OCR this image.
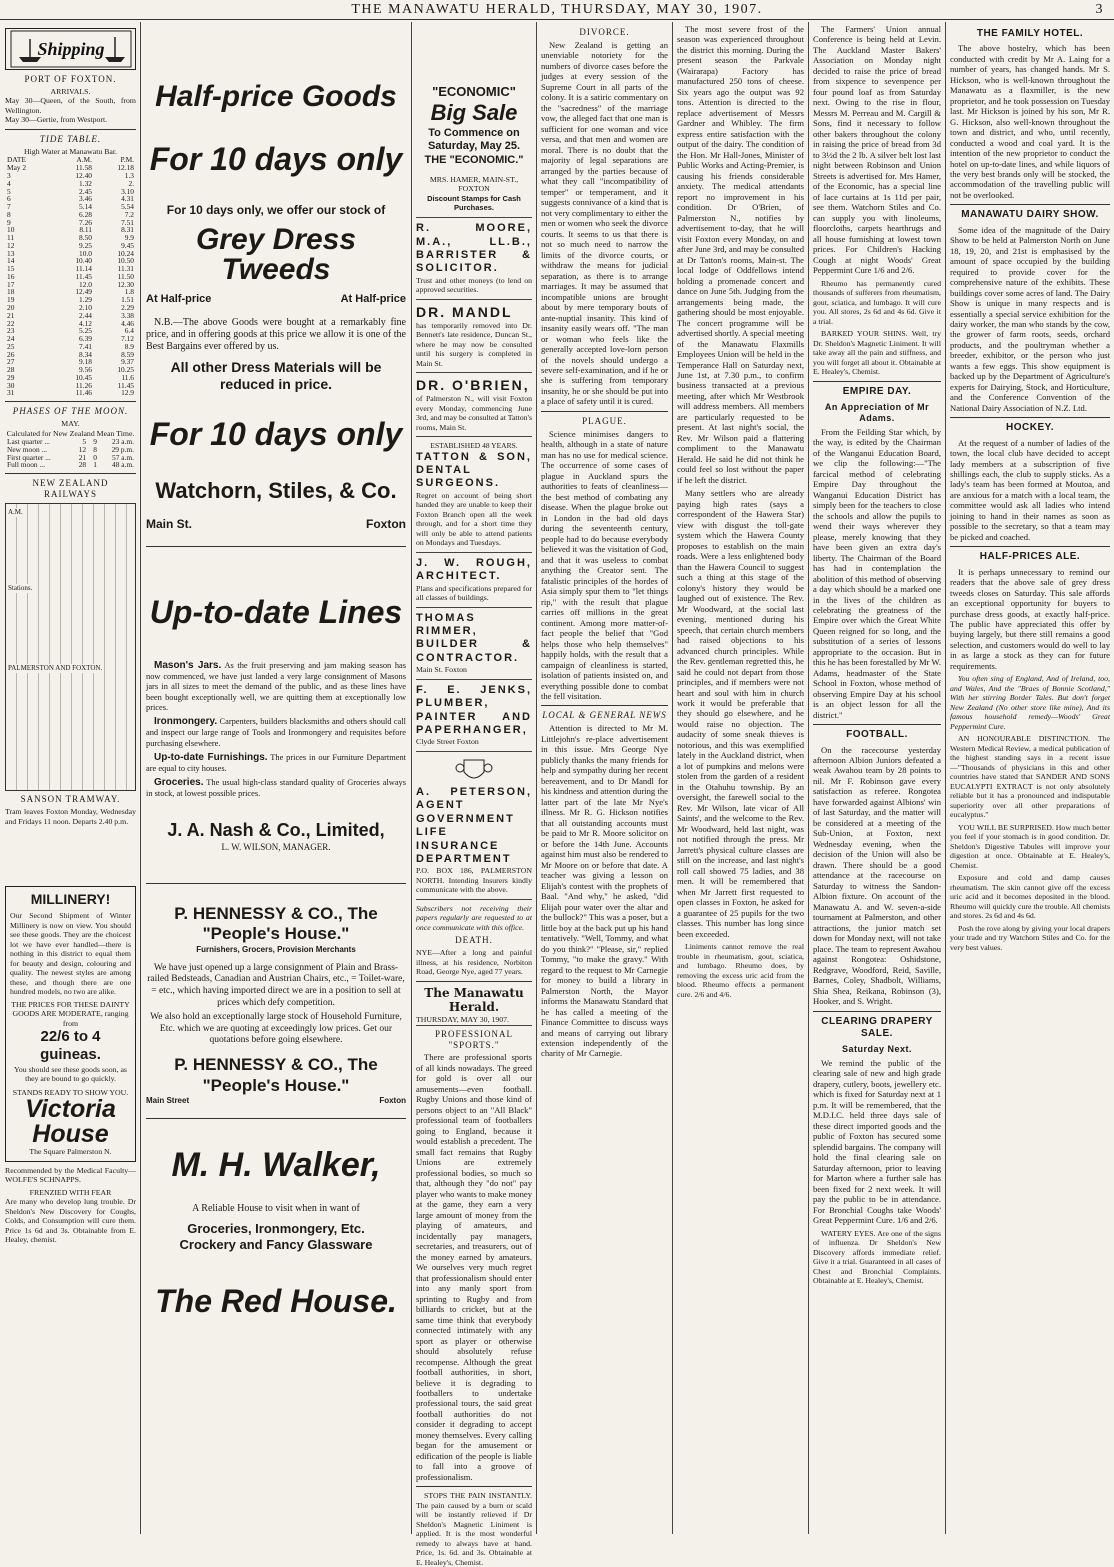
THE MANAWATU HERALD, THURSDAY, MAY 30, 1907.	3
Shipping
PORT OF FOXTON.
ARRIVALS.
May 30—Queen, of the South, from Wellington.
May 30—Gertie, from Westport.
TIDE TABLE.
High Water at Manawatu Bar.
DATE	A.M.	P.M.
May 2	11.58	12.18
3	12.40	1.3
4	1.32	2.
5	2.45	3.10
6	3.46	4.31
7	5.14	5.54
8	6.28	7.2
9	7.26	7.51
10	8.11	8.31
11	8.50	9.9
12	9.25	9.45
13	10.0	10.24
14	10.40	10.50
15	11.14	11.31
16	11.45	11.50
17	12.0	12.30
18	12.49	1.8
19	1.29	1.51
20	2.10	2.29
21	2.44	3.38
22	4.12	4.46
23	5.25	6.4
24	6.39	7.12
25	7.41	8.9
26	8.34	8.59
27	9.18	9.37
28	9.56	10.25
29	10.45	11.6
30	11.26	11.45
31	11.46	12.9
PHASES OF THE MOON.
MAY.
Calculated for New Zealand Mean Time.
Last quarter ...	5	9	23 a.m.
New moon ...	12	8	29 p.m.
First quarter ...	21	0	57 a.m.
Full moon ...	28	1	48 a.m.
NEW ZEALAND RAILWAYS
A.M.
Stations.
PALMERSTON AND FOXTON.
SANSON TRAMWAY.
Tram leaves Foxton Monday, Wednesday and Fridays 11 noon. Departs 2.40 p.m.
MILLINERY!
Our Second Shipment of Winter Millinery is now on view. You should see these goods. They are the choicest lot we have ever handled—there is nothing in this district to equal them for beauty and design, colouring and quality. The newest styles are among these, and though there are one hundred models, no two are alike.
THE PRICES FOR THESE DAINTY GOODS ARE MODERATE, ranging from
22/6 to 4 guineas.
You should see these goods soon, as they are bound to go quickly.
STANDS READY TO SHOW YOU.
Victoria House
The Square Palmerston N.
Recommended by the Medical Faculty—WOLFE'S SCHNAPPS.
FRENZIED WITH FEAR
Are many who develop lung trouble. Dr Sheldon's New Discovery for Coughs, Colds, and Consumption will cure them. Price 1s 6d and 3s. Obtainable from E. Healey, chemist.
Half-price Goods
For 10 days only
For 10 days only, we offer our stock of
Grey Dress Tweeds
At Half-price	At Half-price

N.B.—The above Goods were bought at a remarkably fine price, and in offering goods at this price we allow it is one of the Best Bargains ever offered by us.

All other Dress Materials will be reduced in price.
For 10 days only
Watchorn, Stiles, & Co.
Main St.	Foxton
Up-to-date Lines

Mason's Jars. As the fruit preserving and jam making season has now commenced, we have just landed a very large consignment of Masons jars in all sizes to meet the demand of the public, and as these lines have been bought exceptionally well, we are quitting them at exceptionally low prices.

Ironmongery. Carpenters, builders blacksmiths and others should call and inspect our large range of Tools and Ironmongery and requisites before purchasing elsewhere.

Up-to-date Furnishings. The prices in our Furniture Department are equal to city houses.

Groceries. The usual high-class standard quality of Groceries always in stock, at lowest possible prices.

J. A. Nash & Co., Limited,
L. W. WILSON, MANAGER.
P. HENNESSY & CO., The "People's House."
Furnishers, Grocers, Provision Merchants

We have just opened up a large consignment of Plain and Brass-railed Bedsteads, Canadian and Austrian Chairs, etc., = Toilet-ware, = etc., which having imported direct we are in a position to sell at prices which defy competition.

We also hold an exceptionally large stock of Household Furniture, Etc. which we are quoting at exceedingly low prices. Get our quotations before going elsewhere.

P. HENNESSY & CO., The "People's House."
Main Street	Foxton
M. H. Walker,
A Reliable House to visit when in want of
Groceries, Ironmongery, Etc.
Crockery and Fancy Glassware
The Red House.
"ECONOMIC"
Big Sale
To Commence on Saturday, May 25. THE "ECONOMIC."
MRS. HAMER, MAIN-ST., FOXTON
Discount Stamps for Cash Purchases.
R. MOORE, M.A., LL.B., BARRISTER & SOLICITOR.
Trust and other moneys (to lend on approved securities.
DR. MANDL
has temporarily removed into Dr. Bennett's late residence, Duncan St., where he may now be consulted until his surgery is completed in Main St.
DR. O'BRIEN,
of Palmerston N., will visit Foxton every Monday, commencing June 3rd, and may be consulted at Tatton's rooms, Main St.
ESTABLISHED 48 YEARS.
TATTON & SON, DENTAL SURGEONS.
Regret on account of being short handed they are unable to keep their Foxton Branch open all the week through, and for a short time they will only be able to attend patients on Mondays and Tuesdays.
J. W. ROUGH, ARCHITECT.
Plans and specifications prepared for all classes of buildings.
THOMAS RIMMER, BUILDER & CONTRACTOR.
Main St. Foxton
F. E. JENKS, PLUMBER, PAINTER AND PAPERHANGER,
Clyde Street Foxton
A. PETERSON, AGENT GOVERNMENT LIFE INSURANCE DEPARTMENT
P.O. BOX 186, PALMERSTON NORTH. Intending Insurers kindly communicate with the above.
Subscribers not receiving their papers regularly are requested to at once communicate with this office.
DEATH.
NYE—After a long and painful illness, at his residence, Norbiton Road, George Nye, aged 77 years.
The Manawatu Herald.
THURSDAY, MAY 30, 1907.
PROFESSIONAL "SPORTS."

There are professional sports of all kinds nowadays. The greed for gold is over all our amusements—even football. Rugby Unions and those kind of persons object to an "All Black" professional team of footballers going to England, because it would establish a precedent. The small fact remains that Rugby Unions are extremely professional bodies, so much so that, although they "do not" pay player who wants to make money at the game, they earn a very large amount of money from the playing of amateurs, and incidentally pay managers, secretaries, and treasurers, out of the money earned by amateurs. We ourselves very much regret that professionalism should enter into any manly sport from sprinting to Rugby and from billiards to cricket, but at the same time think that everybody connected intimately with any sport as player or otherwise should absolutely refuse recompense. Although the great football authorities, in short, believe it is degrading to footballers to undertake professional tours, the said great football authorities do not consider it degrading to accept money themselves. Every calling began for the amusement or edification of the people is liable to fall into a groove of professionalism.

STOPS THE PAIN INSTANTLY. The pain caused by a burn or scald will be instantly relieved if Dr Sheldon's Magnetic Liniment is applied. It is the most wonderful remedy to always have at hand. Price, 1s. 6d. and 3s. Obtainable at E. Healey's, Chemist.

DIVORCE.

New Zealand is getting an unenviable notoriety for the numbers of divorce cases before the judges at every session of the Supreme Court in all parts of the colony. It is a satiric commentary on the "sacredness" of the marriage vow, the alleged fact that one man is sufficient for one woman and vice versa, and that men and women are moral. There is no doubt that the majority of legal separations are arranged by the parties because of what they call "incompatibility of temper" or temperament, and it suggests connivance of a kind that is not very complimentary to either the men or women who seek the divorce courts. It seems to us that there is not so much need to narrow the limits of the divorce courts, or withdraw the means for judicial separation, as there is to arrange marriages. It may be assumed that incompatible unions are brought about by mere temporary bouts of ante-nuptial insanity. This kind of insanity easily wears off. "The man or woman who feels like the generally accepted love-lorn person of the novels should undergo a severe self-examination, and if he or she is suffering from temporary insanity, he or she should be put into a place of safety until it is cured.

PLAGUE.

Science minimises dangers to health, although in a state of nature man has no use for medical science. The occurrence of some cases of plague in Auckland spurs the authorities to feats of cleanliness—the best method of combating any disease. When the plague broke out in London in the bad old days during the seventeenth century, people had to do because everybody believed it was the visitation of God, and that it was useless to combat anything the Creator sent. The fatalistic principles of the hordes of Asia simply spur them to "let things rip," with the result that plague carries off millions in the great continent. Among more matter-of-fact people the belief that "God helps those who help themselves" happily holds, with the result that a campaign of cleanliness is started, isolation of patients insisted on, and everything possible done to combat the fell visitation.

LOCAL & GENERAL NEWS

Attention is directed to Mr M. Littlejohn's re-place advertisement in this issue. Mrs George Nye publicly thanks the many friends for help and sympathy during her recent bereavement, and to Dr Mandl for his kindness and attention during the latter part of the late Mr Nye's illness. Mr R. G. Hickson notifies that all outstanding accounts must be paid to Mr R. Moore solicitor on or before the 14th June. Accounts against him must also be rendered to Mr Moore on or before that date. A teacher was giving a lesson on Elijah's contest with the prophets of Baal. "And why," he asked, "did Elijah pour water over the altar and the bullock?" This was a poser, but a little boy at the back put up his hand tentatively. "Well, Tommy, and what do you think?" "Please, sir," replied Tommy, "to make the gravy." With regard to the request to Mr Carnegie for money to build a library in Palmerston North, the Mayor informs the Manawatu Standard that he has called a meeting of the Finance Committee to discuss ways and means of carrying out library extension independently of the charity of Mr Carnegie.

The most severe frost of the season was experienced throughout the district this morning. During the present season the Parkvale (Wairarapa) Factory has manufactured 250 tons of cheese. Six years ago the output was 92 tons. Attention is directed to the replace advertisement of Messrs Gardner and Whibley. The firm express entire satisfaction with the output of the dairy. The condition of the Hon. Mr Hall-Jones, Minister of Public Works and Acting-Premier, is causing his friends considerable anxiety. The medical attendants report no improvement in his condition. Dr O'Brien, of Palmerston N., notifies by advertisement to-day, that he will visit Foxton every Monday, on and after June 3rd, and may be consulted at Dr Tatton's rooms, Main-st. The local lodge of Oddfellows intend holding a promenade concert and dance on June 5th. Judging from the arrangements being made, the gathering should be most enjoyable. The concert programme will be advertised shortly. A special meeting of the Manawatu Flaxmills Employees Union will be held in the Temperance Hall on Saturday next, June 1st, at 7.30 p.m., to confirm business transacted at a previous meeting, after which Mr Westbrook will address members. All members are particularly requested to be present. At last night's social, the Rev. Mr Wilson paid a flattering compliment to the Manawatu Herald. He said he did not think he could feel so lost without the paper if he left the district.

Many settlers who are already paying high rates (says a correspondent of the Hawera Star) view with disgust the toll-gate system which the Hawera County proposes to establish on the main roads. Were a less enlightened body than the Hawera Council to suggest such a thing at this stage of the colony's history they would be laughed out of existence. The Rev. Mr Woodward, at the social last evening, mentioned during his speech, that certain church members had raised objections to his advanced church principles. While the Rev. gentleman regretted this, he said he could not depart from those principles, and if members were not heart and soul with him in church work it would be preferable that they should go elsewhere, and he would raise no objection. The audacity of some sneak thieves is notorious, and this was exemplified lately in the Auckland district, when a lot of pumpkins and melons were stolen from the garden of a resident in the Otahuhu township. By an oversight, the farewell social to the Rev. Mr Wilson, late vicar of All Saints', and the welcome to the Rev. Mr Woodward, held last night, was not notified through the press. Mr Jarrett's physical culture classes are still on the increase, and last night's roll call showed 75 ladies, and 38 men. It will be remembered that when Mr Jarrett first requested to open classes in Foxton, he asked for a guarantee of 25 pupils for the two classes. This number has long since been exceeded.

Liniments cannot remove the real trouble in rheumatism, gout, sciatica, and lumbago. Rheumo does, by removing the excess uric acid from the blood. Rheumo effects a permanent cure. 2/6 and 4/6.

The Farmers' Union annual Conference is being held at Levin. The Auckland Master Bakers' Association on Monday night decided to raise the price of bread from sixpence to sevenpence per four pound loaf as from Saturday next. Owing to the rise in flour, Messrs M. Perreau and M. Cargill & Sons, find it necessary to follow other bakers throughout the colony in raising the price of bread from 3d to 3½d the 2 lb. A silver belt lost last night between Robinson and Union Streets is advertised for. Mrs Hamer, of the Economic, has a special line of lace curtains at 1s 11d per pair, see them. Watchorn Stiles and Co. can supply you with linoleums, floorcloths, carpets hearthrugs and all house furnishing at lowest town prices. For Children's Hacking Cough at night Woods' Great Peppermint Cure 1/6 and 2/6.

Rheumo has permanently cured thousands of sufferers from rheumatism, gout, sciatica, and lumbago. It will cure you. All stores, 2s 6d and 4s 6d. Give it a trial.

BARKED YOUR SHINS. Well, try Dr. Sheldon's Magnetic Liniment. It will take away all the pain and stiffness, and you will forget all about it. Obtainable at E. Healey's, Chemist.

EMPIRE DAY.
An Appreciation of Mr Adams.

From the Feilding Star which, by the way, is edited by the Chairman of the Wanganui Education Board, we clip the following:—"The farcical method of celebrating Empire Day throughout the Wanganui Education District has simply been for the teachers to close the schools and allow the pupils to wend their ways wherever they please, merely knowing that they have been given an extra day's liberty. The Chairman of the Board has had in contemplation the abolition of this method of observing a day which should be a marked one in the lives of the children as celebrating the greatness of the Empire over which the Great White Queen reigned for so long, and the substitution of a series of lessons appropriate to the occasion. But in this he has been forestalled by Mr W. Adams, headmaster of the State School in Foxton, whose method of observing Empire Day at his school is an object lesson for all the district."

FOOTBALL.

On the racecourse yesterday afternoon Albion Juniors defeated a weak Awahou team by 28 points to nil. Mr F. Robinson gave every satisfaction as referee. Rongotea have forwarded against Albions' win of last Saturday, and the matter will be considered at a meeting of the Sub-Union, at Foxton, next Wednesday evening, when the decision of the Union will also be drawn. There should be a good attendance at the racecourse on Saturday to witness the Sandon-Albion fixture. On account of the Manawatu A. and W. seven-a-side tournament at Palmerston, and other attractions, the junior match set down for Monday next, will not take place. The team to represent Awahou against Rongotea: Oshidstone, Redgrave, Woodford, Reid, Saville, Barnes, Coley, Shadbolt, Williams, Shia Shea, Reikana, Robinson (3), Hooker, and S. Wright.

CLEARING DRAPERY SALE.
Saturday Next.

We remind the public of the clearing sale of new and high grade drapery, cutlery, boots, jewellery etc. which is fixed for Saturday next at 1 p.m. It will be remembered, that the M.D.I.C. held three days sale of these direct imported goods and the public of Foxton has secured some splendid bargains. The company will hold the final clearing sale on Saturday afternoon, prior to leaving for Marton where a further sale has been fixed for 2 next week. It will pay the public to be in attendance. For Bronchial Coughs take Woods' Great Peppermint Cure. 1/6 and 2/6.

WATERY EYES. Are one of the signs of influenza. Dr Sheldon's New Discovery affords immediate relief. Give it a trial. Guaranteed in all cases of Chest and Bronchial Complaints. Obtainable at E. Healey's, Chemist.

THE FAMILY HOTEL.

The above hostelry, which has been conducted with credit by Mr A. Laing for a number of years, has changed hands. Mr S. Hickson, who is well-known throughout the Manawatu as a flaxmiller, is the new proprietor, and he took possession on Tuesday last. Mr Hickson is joined by his son, Mr R. G. Hickson, also well-known throughout the town and district, and who, until recently, conducted a wood and coal yard. It is the intention of the new proprietor to conduct the hotel on up-to-date lines, and while liquors of the very best brands only will be stocked, the accommodation of the travelling public will not be overlooked.

MANAWATU DAIRY SHOW.

Some idea of the magnitude of the Dairy Show to be held at Palmerston North on June 18, 19, 20, and 21st is emphasised by the amount of space occupied by the building required to provide cover for the comprehensive nature of the exhibits. These buildings cover some acres of land. The Dairy Show is unique in many respects and is essentially a special service exhibition for the dairy worker, the man who stands by the cow, the grower of farm roots, seeds, orchard products, and the poultryman whether a breeder, exhibitor, or the person who just wants a few eggs. This show equipment is backed up by the Department of Agriculture's experts for Dairying, Stock, and Horticulture, and the Conference Convention of the National Dairy Association of N.Z. Ltd.

HOCKEY.

At the request of a number of ladies of the town, the local club have decided to accept lady members at a subscription of five shillings each, the club to supply sticks. As a lady's team has been formed at Moutoa, and are anxious for a match with a local team, the committee would ask all ladies who intend joining to hand in their names as soon as possible to the secretary, so that a team may be picked and coached.

HALF-PRICES ALE.

It is perhaps unnecessary to remind our readers that the above sale of grey dress tweeds closes on Saturday. This sale affords an exceptional opportunity for buyers to purchase dress goods, at exactly half-price. The public have appreciated this offer by buying largely, but there still remains a good selection, and customers would do well to lay in as large a stock as they can for future requirements.

You often sing of England, And of Ireland, too, and Wales, And the "Braes of Bonnie Scotland," With her stirring Border Tales. But don't forget New Zealand (No other store like mine), And its famous household remedy—Woods' Great Peppermint Cure.

AN HONOURABLE DISTINCTION. The Western Medical Review, a medical publication of the highest standing says in a recent issue—"Thousands of physicians in this and other countries have stated that SANDER AND SONS EUCALYPTI EXTRACT is not only absolutely reliable but it has a pronounced and indisputable superiority over all other preparations of eucalyptus."

YOU WILL BE SURPRISED. How much better you feel if your stomach is in good condition. Dr. Sheldon's Digestive Tabules will improve your digestion at once. Obtainable at E. Healey's, Chemist.

Exposure and cold and damp causes rheumatism. The skin cannot give off the excess uric acid and it becomes deposited in the blood. Rheumo will quickly cure the trouble. All chemists and stores. 2s 6d and 4s 6d.

Posh the rove along by giving your local drapers your trade and try Watchorn Stiles and Co. for the very best values.
